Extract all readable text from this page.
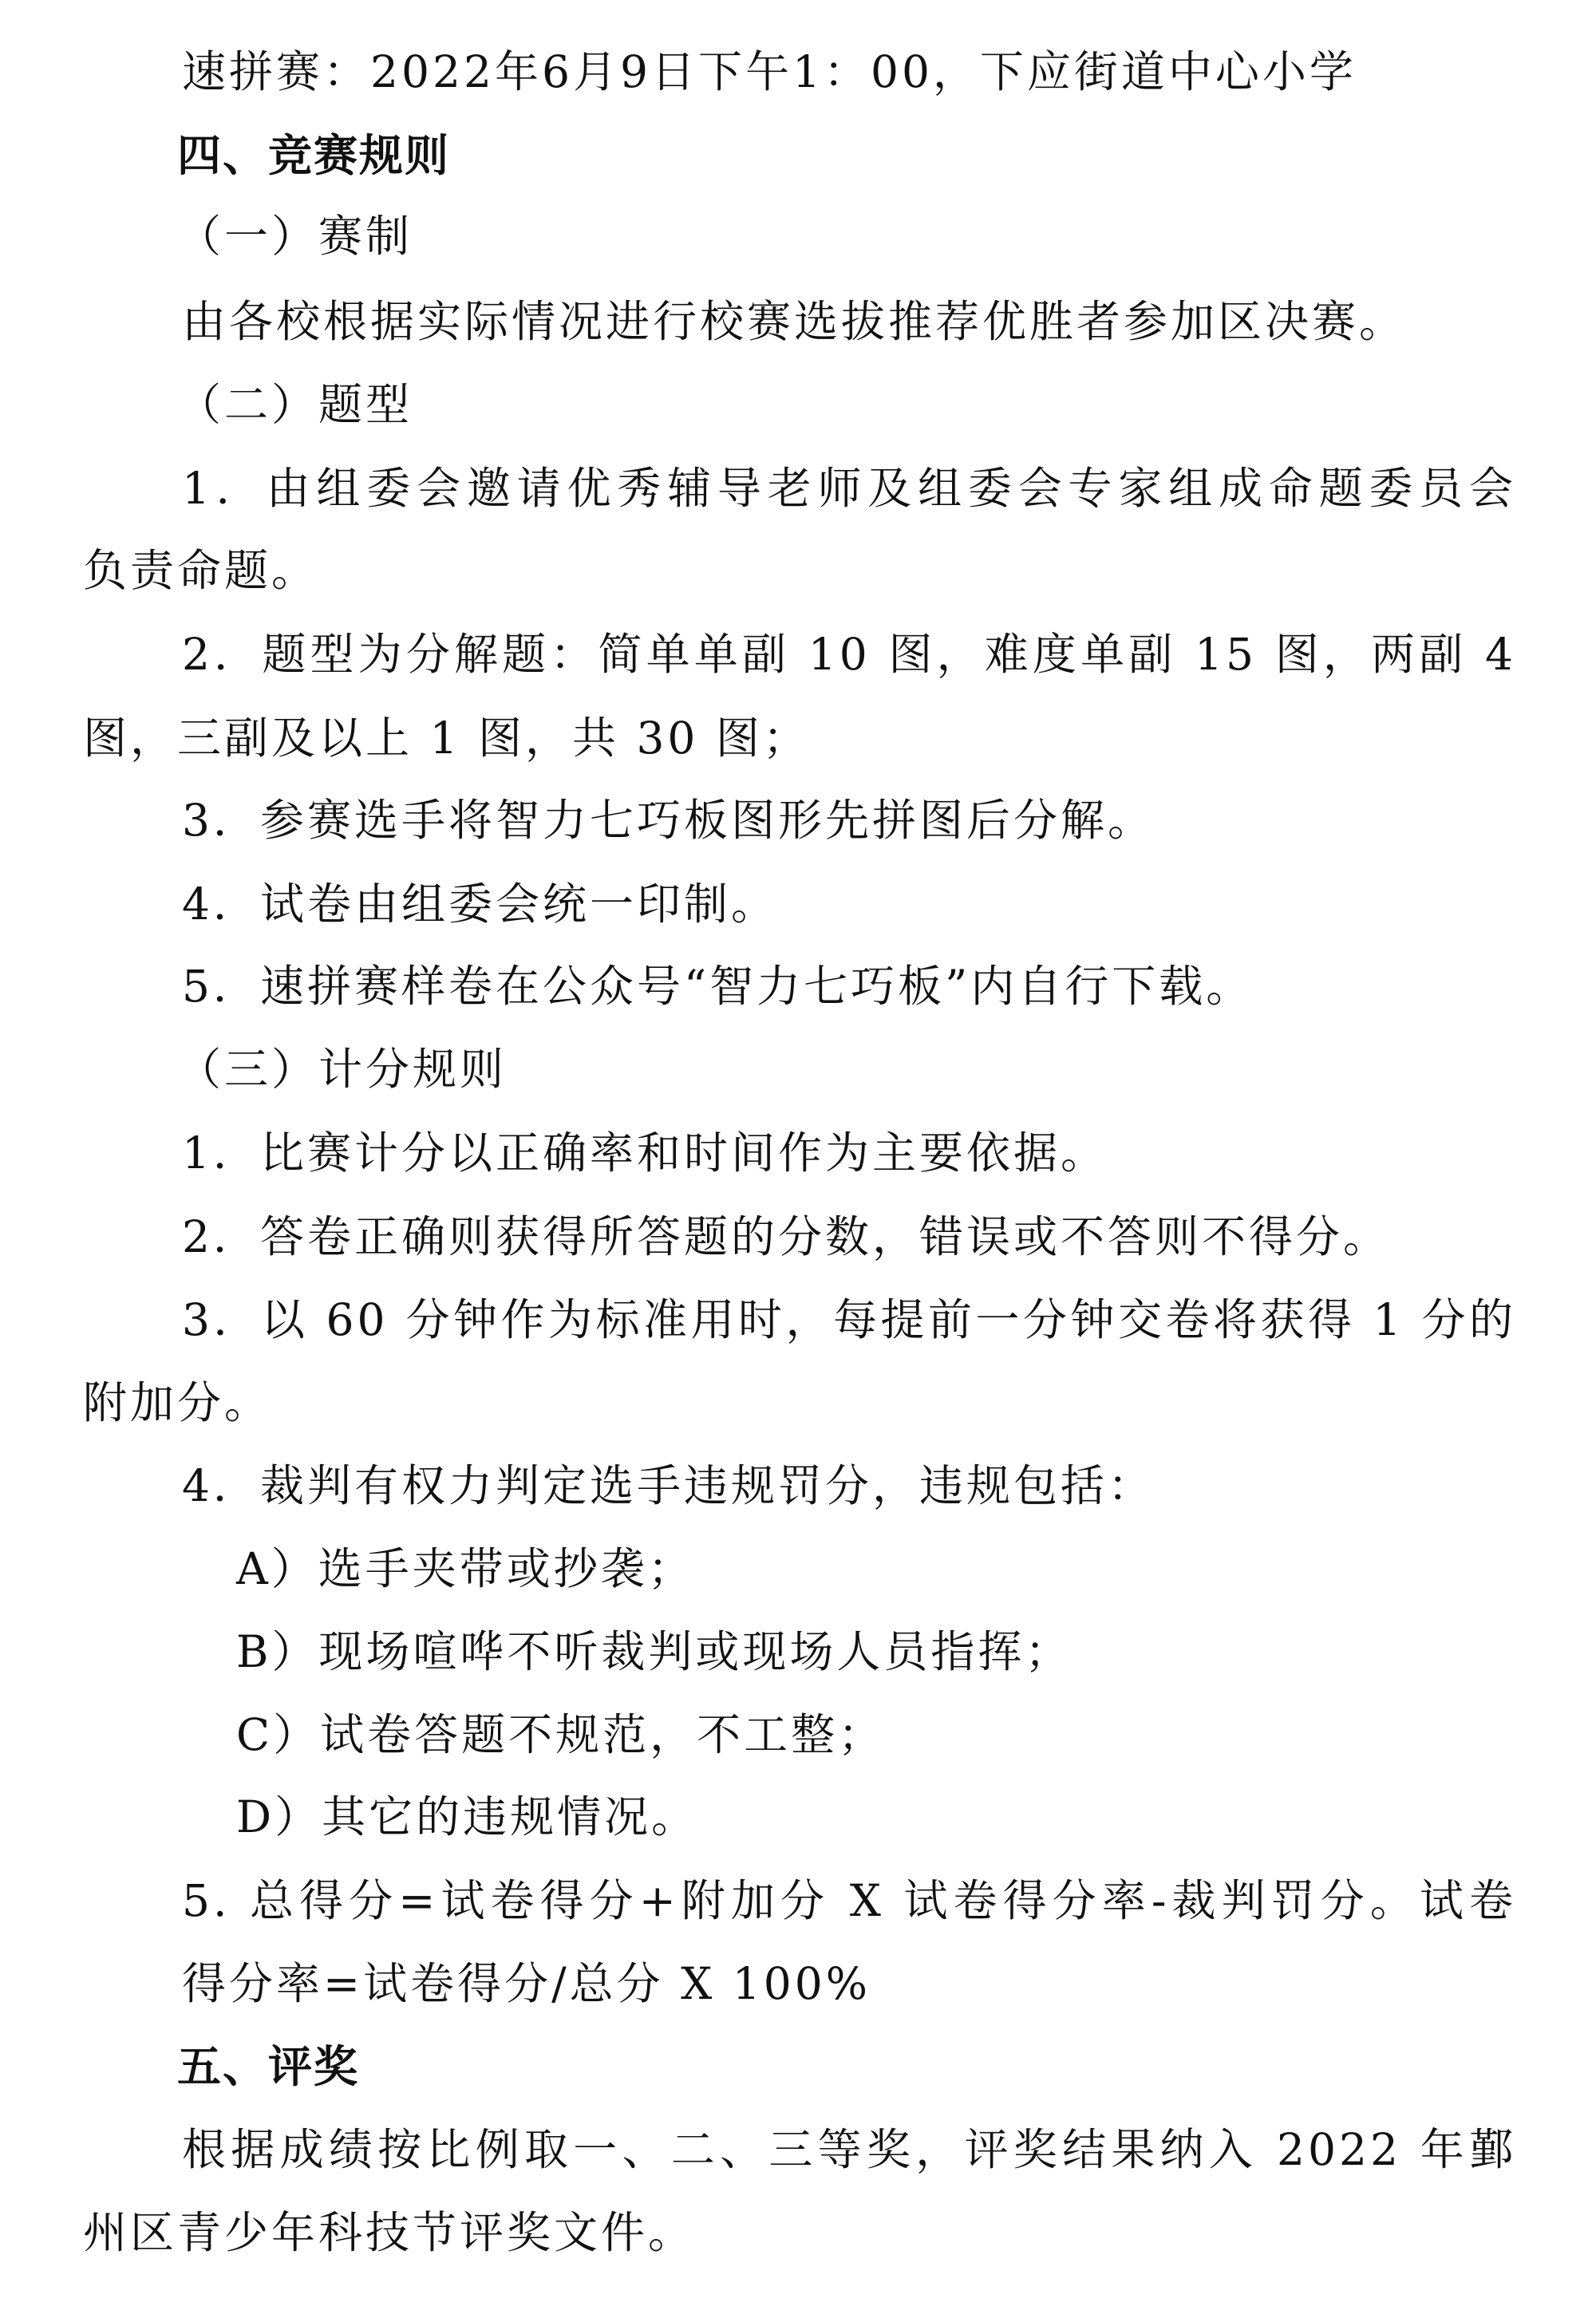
速拼赛：2022年6月9日下午1：00，下应街道中心小学
四、竞赛规则
（一）赛制
由各校根据实际情况进行校赛选拔推荐优胜者参加区决赛。
（二）题型
1．由组委会邀请优秀辅导老师及组委会专家组成命题委员会
负责命题。
2．题型为分解题：简单单副 10 图，难度单副 15 图，两副 4
图，三副及以上 1 图，共 30 图；
3．参赛选手将智力七巧板图形先拼图后分解。
4．试卷由组委会统一印制。
5．速拼赛样卷在公众号“智力七巧板”内自行下载。
（三）计分规则
1．比赛计分以正确率和时间作为主要依据。
2．答卷正确则获得所答题的分数，错误或不答则不得分。
3．以 60 分钟作为标准用时，每提前一分钟交卷将获得 1 分的
附加分。
4．裁判有权力判定选手违规罚分，违规包括：
A）选手夹带或抄袭；
B）现场喧哗不听裁判或现场人员指挥；
C）试卷答题不规范，不工整；
D）其它的违规情况。
5. 总得分=试卷得分+附加分 X 试卷得分率-裁判罚分。试卷
得分率=试卷得分/总分 X 100%
五、评奖
根据成绩按比例取一、二、三等奖，评奖结果纳入 2022 年鄞
州区青少年科技节评奖文件。
